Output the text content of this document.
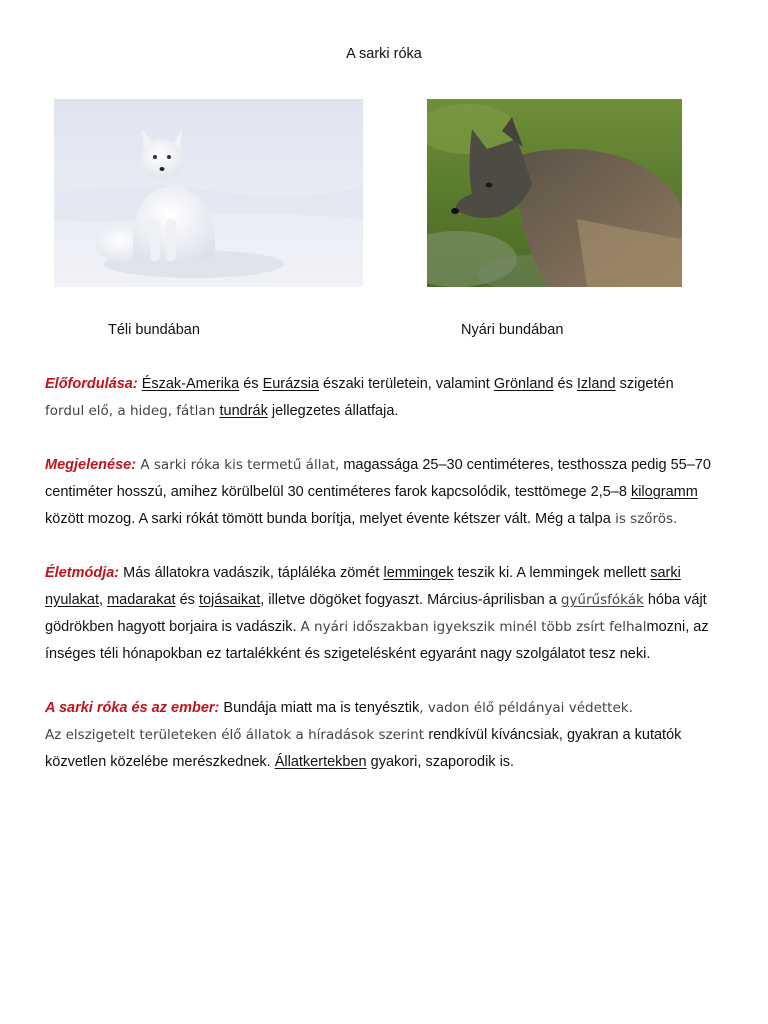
A sarki róka
Téli bundában	Nyári bundában

Előfordulása: Észak-Amerika és Eurázsia északi területein, valamint Grönland és Izland szigetén
fordul elő, a hideg, fátlan tundrák jellegzetes állatfaja.

Megjelenése: A sarki róka kis termetű állat, magassága 25–30 centiméteres, testhossza pedig 55–70 centiméter hosszú, amihez körülbelül 30 centiméteres farok kapcsolódik, testtömege 2,5–8 kilogramm között mozog. A sarki rókát tömött bunda borítja, melyet évente kétszer vált. Még a talpa is szőrös.

Életmódja: Más állatokra vadászik, tápláléka zömét lemmingek teszik ki. A lemmingek mellett sarki nyulakat, madarakat és tojásaikat, illetve dögöket fogyaszt. Március-áprilisban a gyűrűsfókák hóba vájt gödrökben hagyott borjaira is vadászik. A nyári időszakban igyekszik minél több zsírt felhalmozni, az ínséges téli hónapokban ez tartalékként és szigetelésként egyaránt nagy szolgálatot tesz neki.

A sarki róka és az ember: Bundája miatt ma is tenyésztik, vadon élő példányai védettek.
Az elszigetelt területeken élő állatok a híradások szerint rendkívül kíváncsiak, gyakran a kutatók közvetlen közelébe merészkednek. Állatkertekben gyakori, szaporodik is.
